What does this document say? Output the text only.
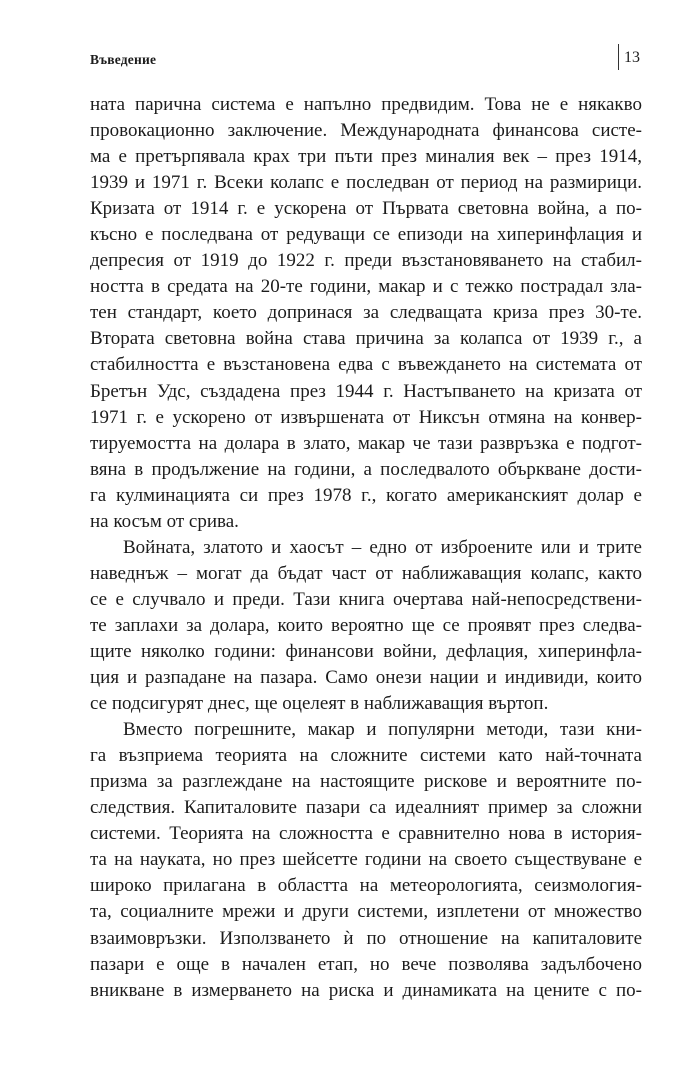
Въведение	13
ната парична система е напълно предвидим. Това не е някакво
провокационно заключение. Международната финансова систе-
ма е претърпявала крах три пъти през миналия век – през 1914,
1939 и 1971 г. Всеки колапс е последван от период на размирици.
Кризата от 1914 г. е ускорена от Първата световна война, а по-
късно е последвана от редуващи се епизоди на хиперинфлация и
депресия от 1919 до 1922 г. преди възстановяването на стабил-
ността в средата на 20-те години, макар и с тежко пострадал зла-
тен стандарт, което допринася за следващата криза през 30-те.
Втората световна война става причина за колапса от 1939 г., а
стабилността е възстановена едва с въвеждането на системата от
Бретън Удс, създадена през 1944 г. Настъпването на кризата от
1971 г. е ускорено от извършената от Никсън отмяна на конвер-
тируемостта на долара в злато, макар че тази развръзка е подгот-
вяна в продължение на години, а последвалото объркване дости-
га кулминацията си през 1978 г., когато американският долар е
на косъм от срива.
Войната, златото и хаосът – едно от изброените или и трите
наведнъж – могат да бъдат част от наближаващия колапс, както
се е случвало и преди. Тази книга очертава най-непосредствени-
те заплахи за долара, които вероятно ще се проявят през следва-
щите няколко години: финансови войни, дефлация, хиперинфла-
ция и разпадане на пазара. Само онези нации и индивиди, които
се подсигурят днес, ще оцелеят в наближаващия въртоп.
Вместо погрешните, макар и популярни методи, тази кни-
га възприема теорията на сложните системи като най-точната
призма за разглеждане на настоящите рискове и вероятните по-
следствия. Капиталовите пазари са идеалният пример за сложни
системи. Теорията на сложността е сравнително нова в история-
та на науката, но през шейсетте години на своето съществуване е
широко прилагана в областта на метеорологията, сеизмология-
та, социалните мрежи и други системи, изплетени от множество
взаимовръзки. Използването ѝ по отношение на капиталовите
пазари е още в начален етап, но вече позволява задълбочено
вникване в измерването на риска и динамиката на цените с по-
